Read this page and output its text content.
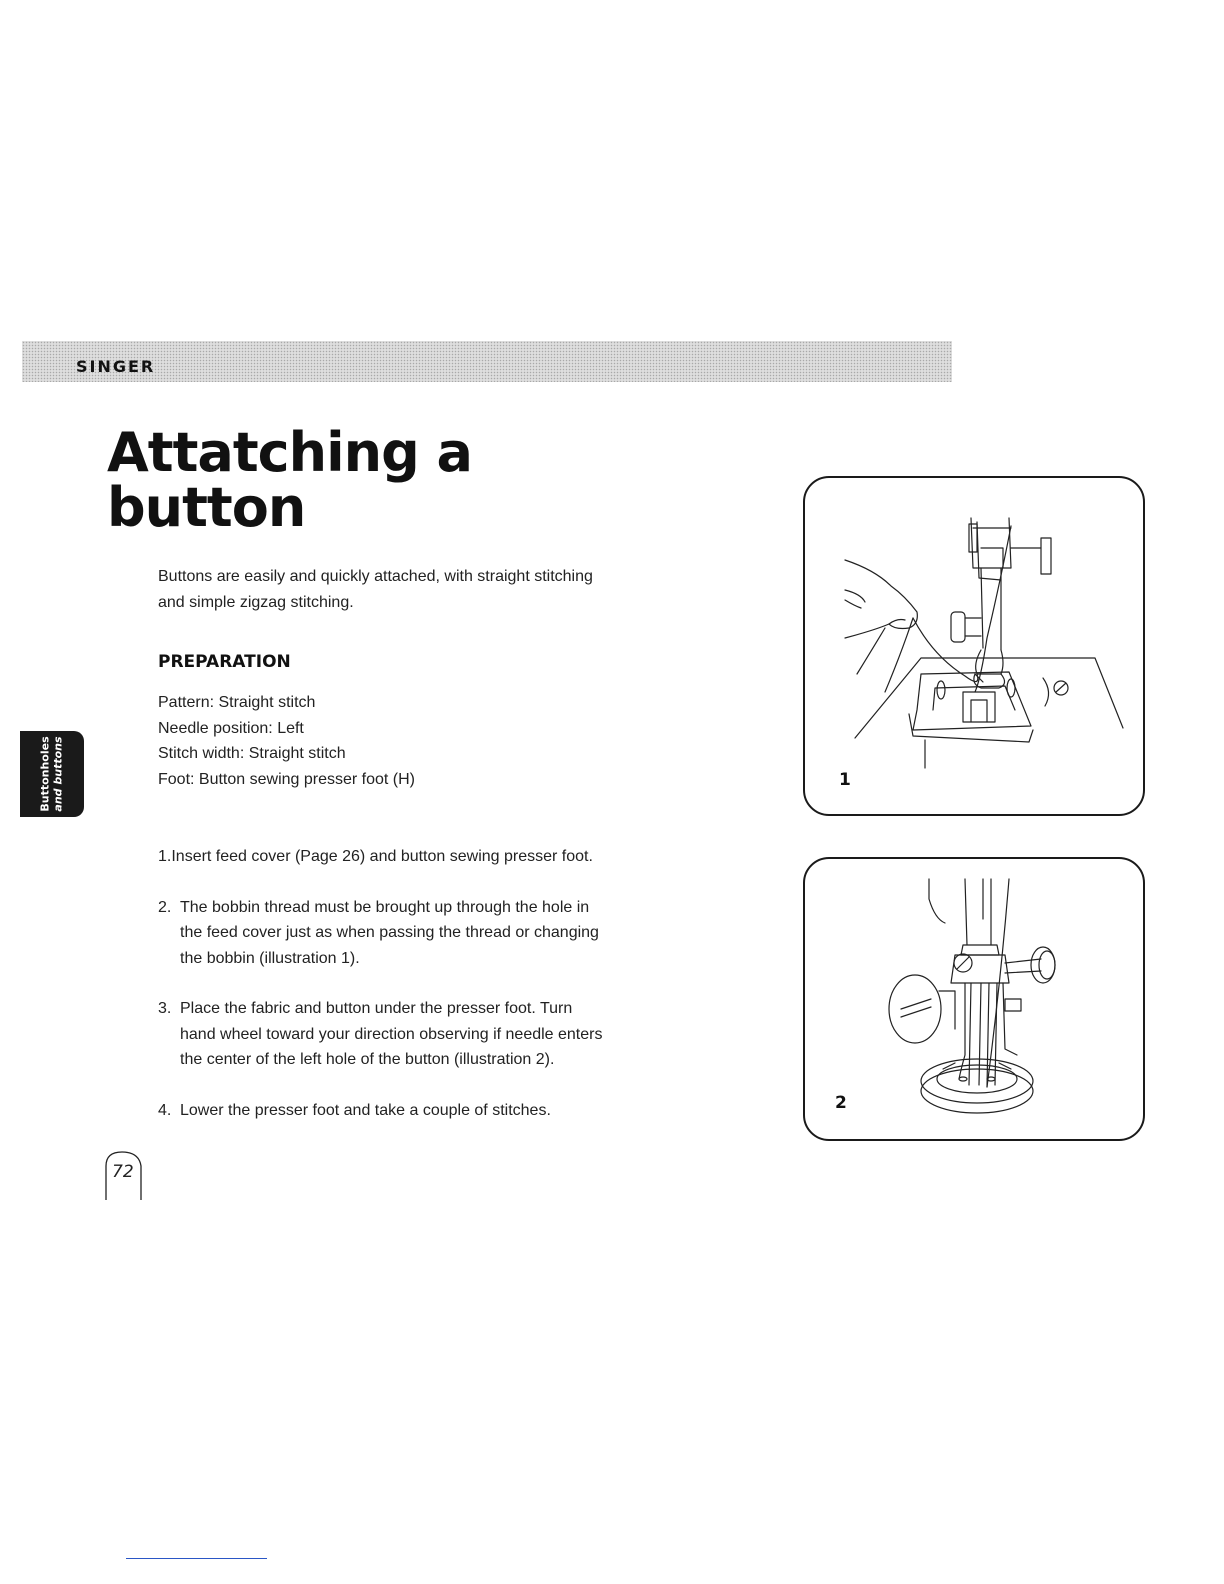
SINGER
Attatching a
button

Buttons are easily and quickly attached, with straight stitching and simple zigzag stitching.

PREPARATION
Pattern: Straight stitch
Needle position: Left
Stitch width: Straight stitch
Foot: Button sewing presser foot (H)
1.Insert feed cover (Page 26) and button sewing presser foot.
2. The bobbin thread must be brought up through the hole in the feed cover just as when passing the thread or changing the bobbin (illustration 1).
3. Place the fabric and button under the presser foot. Turn hand wheel toward your direction observing if needle enters the center of the left hole of the button (illustration 2).
4. Lower the presser foot and take a couple of stitches.
Buttonholes and buttons
72
1
2
